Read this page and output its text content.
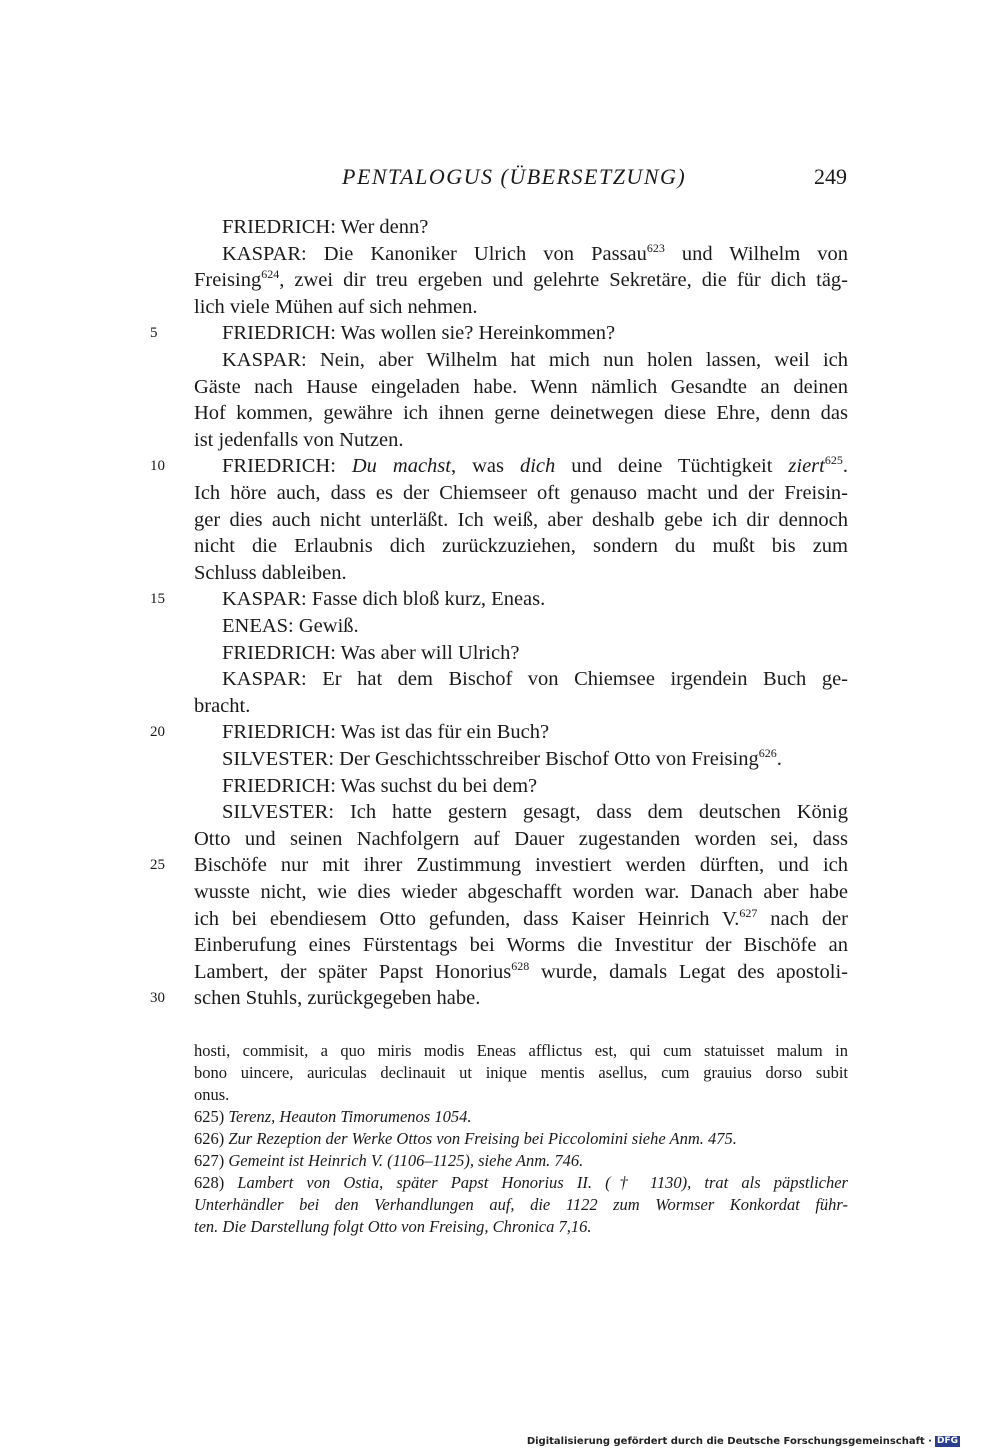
PENTALOGUS (ÜBERSETZUNG)	249
5
10
15
20
25
30
FRIEDRICH: Wer denn?
KASPAR: Die Kanoniker Ulrich von Passau$^{623}$ und Wilhelm von
Freising$^{624}$, zwei dir treu ergeben und gelehrte Sekretäre, die für dich täg-
lich viele Mühen auf sich nehmen.
FRIEDRICH: Was wollen sie? Hereinkommen?
KASPAR: Nein, aber Wilhelm hat mich nun holen lassen, weil ich
Gäste nach Hause eingeladen habe. Wenn nämlich Gesandte an deinen
Hof kommen, gewähre ich ihnen gerne deinetwegen diese Ehre, denn das
ist jedenfalls von Nutzen.
FRIEDRICH: Du machst, was dich und deine Tüchtigkeit ziert$^{625}$.
Ich höre auch, dass es der Chiemseer oft genauso macht und der Freisin-
ger dies auch nicht unterläßt. Ich weiß, aber deshalb gebe ich dir dennoch
nicht die Erlaubnis dich zurückzuziehen, sondern du mußt bis zum
Schluss dableiben.
KASPAR: Fasse dich bloß kurz, Eneas.
ENEAS: Gewiß.
FRIEDRICH: Was aber will Ulrich?
KASPAR: Er hat dem Bischof von Chiemsee irgendein Buch ge-
bracht.
FRIEDRICH: Was ist das für ein Buch?
SILVESTER: Der Geschichtsschreiber Bischof Otto von Freising$^{626}$.
FRIEDRICH: Was suchst du bei dem?
SILVESTER: Ich hatte gestern gesagt, dass dem deutschen König
Otto und seinen Nachfolgern auf Dauer zugestanden worden sei, dass
Bischöfe nur mit ihrer Zustimmung investiert werden dürften, und ich
wusste nicht, wie dies wieder abgeschafft worden war. Danach aber habe
ich bei ebendiesem Otto gefunden, dass Kaiser Heinrich V.$^{627}$ nach der
Einberufung eines Fürstentags bei Worms die Investitur der Bischöfe an
Lambert, der später Papst Honorius$^{628}$ wurde, damals Legat des apostoli-
schen Stuhls, zurückgegeben habe.
hosti, commisit, a quo miris modis Eneas afflictus est, qui cum statuisset malum in
bono uincere, auriculas declinauit ut inique mentis asellus, cum grauius dorso subit
onus.
625) Terenz, Heauton Timorumenos 1054.
626) Zur Rezeption der Werke Ottos von Freising bei Piccolomini siehe Anm. 475.
627) Gemeint ist Heinrich V. (1106–1125), siehe Anm. 746.
628) Lambert von Ostia, später Papst Honorius II. († 1130), trat als päpstlicher
Unterhändler bei den Verhandlungen auf, die 1122 zum Wormser Konkordat führ-
ten. Die Darstellung folgt Otto von Freising, Chronica 7,16.
Digitalisierung gefördert durch die Deutsche Forschungsgemeinschaft · DFG
